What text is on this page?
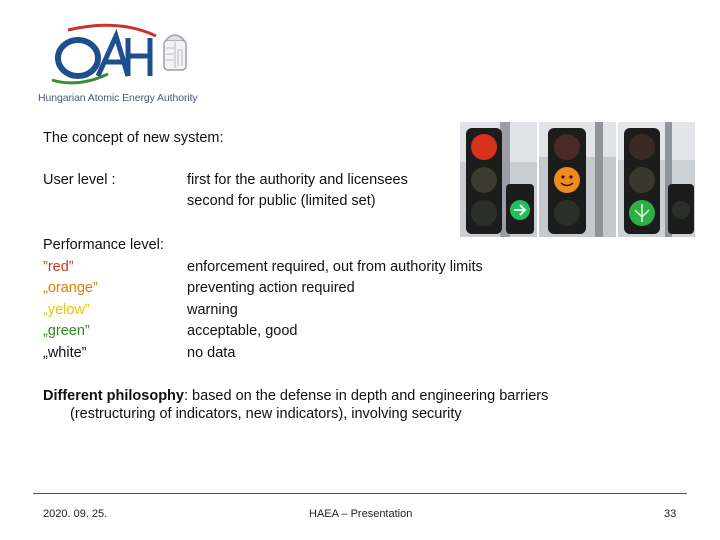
Hungarian Atomic Energy Authority
The concept of new system:
User level :	first for the authority and licensees
second for public (limited set)
Performance level:
”red”	enforcement required, out from authority limits
„orange”	preventing action required
„yelow”	warning
„green”	acceptable, good
„white”	no data
Different philosophy: based on the defense in depth and engineering barriers
(restructuring of indicators, new indicators), involving security
2020. 09. 25.	HAEA – Presentation	33
